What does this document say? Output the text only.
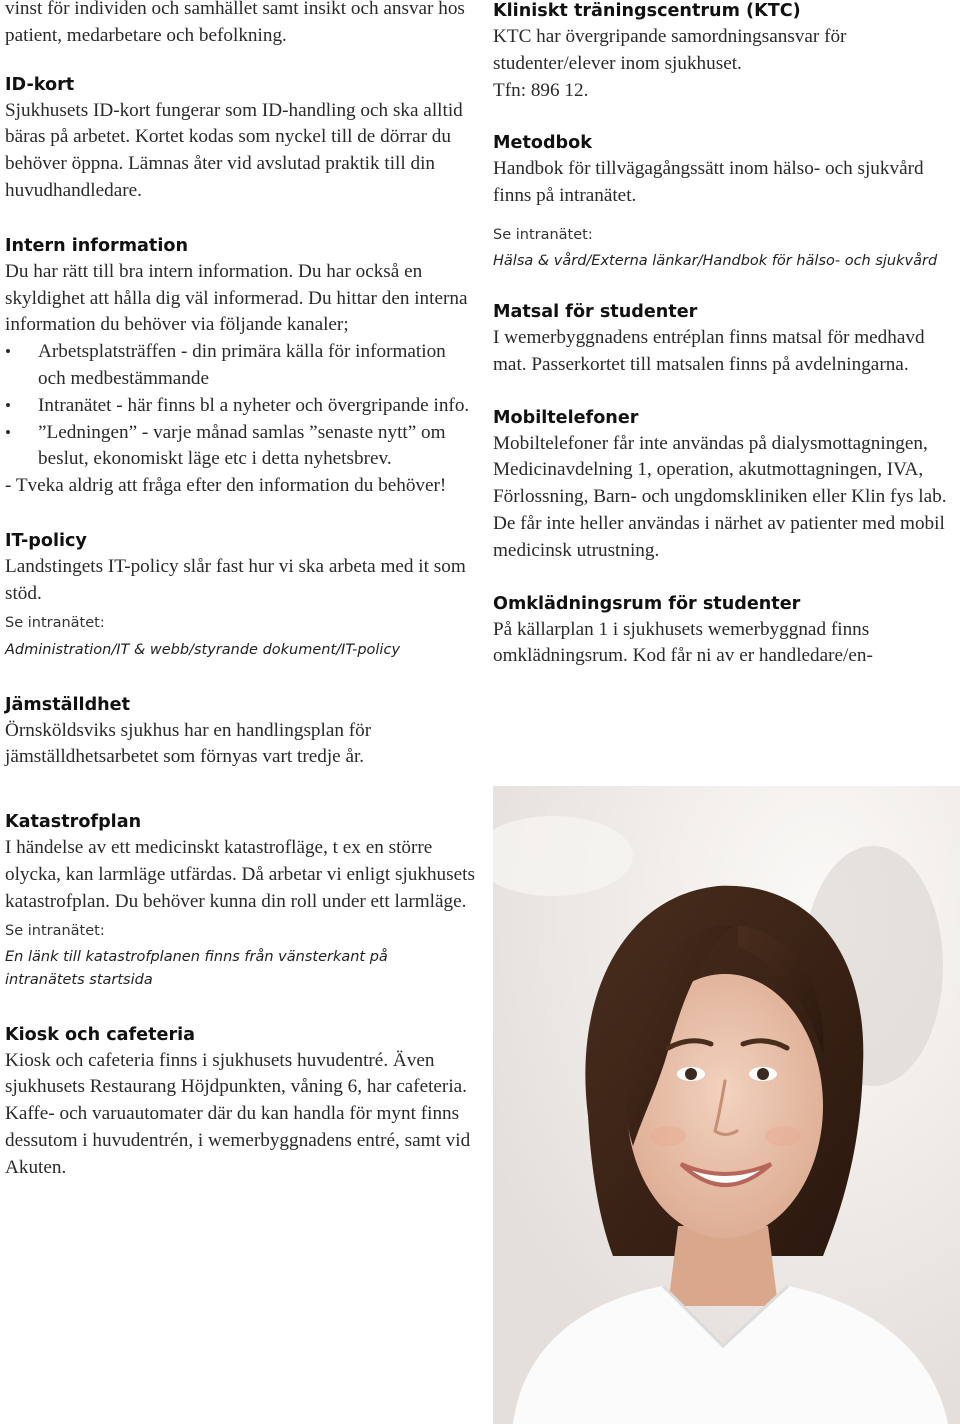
vinst för individen och samhället samt insikt och ansvar hos patient, medarbetare och befolkning.

ID-kort

Sjukhusets ID-kort fungerar som ID-handling och ska alltid bäras på arbetet. Kortet kodas som nyckel till de dörrar du behöver öppna. Lämnas åter vid avslutad praktik till din huvudhandledare.

Intern information

Du har rätt till bra intern information. Du har också en skyldighet att hålla dig väl informerad. Du hittar den interna information du behöver via följande kanaler;

• Arbetsplatsträffen - din primära källa för information och medbestämmande
• Intranätet - här finns bl a nyheter och övergripande info.
• ”Ledningen” - varje månad samlas ”senaste nytt” om beslut, ekonomiskt läge etc i detta nyhetsbrev.

- Tveka aldrig att fråga efter den information du behöver!

IT-policy

Landstingets IT-policy slår fast hur vi ska arbeta med it som stöd.

Se intranätet:

Administration/IT & webb/styrande dokument/IT-policy

Jämställdhet

Örnsköldsviks sjukhus har en handlingsplan för jämställdhetsarbetet som förnyas vart tredje år.

Katastrofplan

I händelse av ett medicinskt katastrofläge, t ex en större olycka, kan larmläge utfärdas. Då arbetar vi enligt sjukhusets katastrofplan. Du behöver kunna din roll under ett larmläge.

Se intranätet:

En länk till katastrofplanen finns från vänsterkant på intranätets startsida

Kiosk och cafeteria

Kiosk och cafeteria finns i sjukhusets huvudentré. Även sjukhusets Restaurang Höjdpunkten, våning 6, har cafeteria. Kaffe- och varuautomater där du kan handla för mynt finns dessutom i huvudentrén, i wemerbyggnadens entré, samt vid Akuten.

Kliniskt träningscentrum (KTC)

KTC har övergripande samordningsansvar för studenter/elever inom sjukhuset.

Tfn: 896 12.

Metodbok

Handbok för tillvägagångssätt inom hälso- och sjukvård finns på intranätet.

Se intranätet:

Hälsa & vård/Externa länkar/Handbok för hälso- och sjukvård

Matsal för studenter

I wemerbyggnadens entréplan finns matsal för medhavd mat. Passerkortet till matsalen finns på avdelningarna.

Mobiltelefoner

Mobiltelefoner får inte användas på dialysmottagningen, Medicinavdelning 1, operation, akutmottagningen, IVA, Förlossning, Barn- och ungdomskliniken eller Klin fys lab. De får inte heller användas i närhet av patienter med mobil medicinsk utrustning.

Omklädningsrum för studenter

På källarplan 1 i sjukhusets wemerbyggnad finns omklädningsrum. Kod får ni av er handledare/en-
